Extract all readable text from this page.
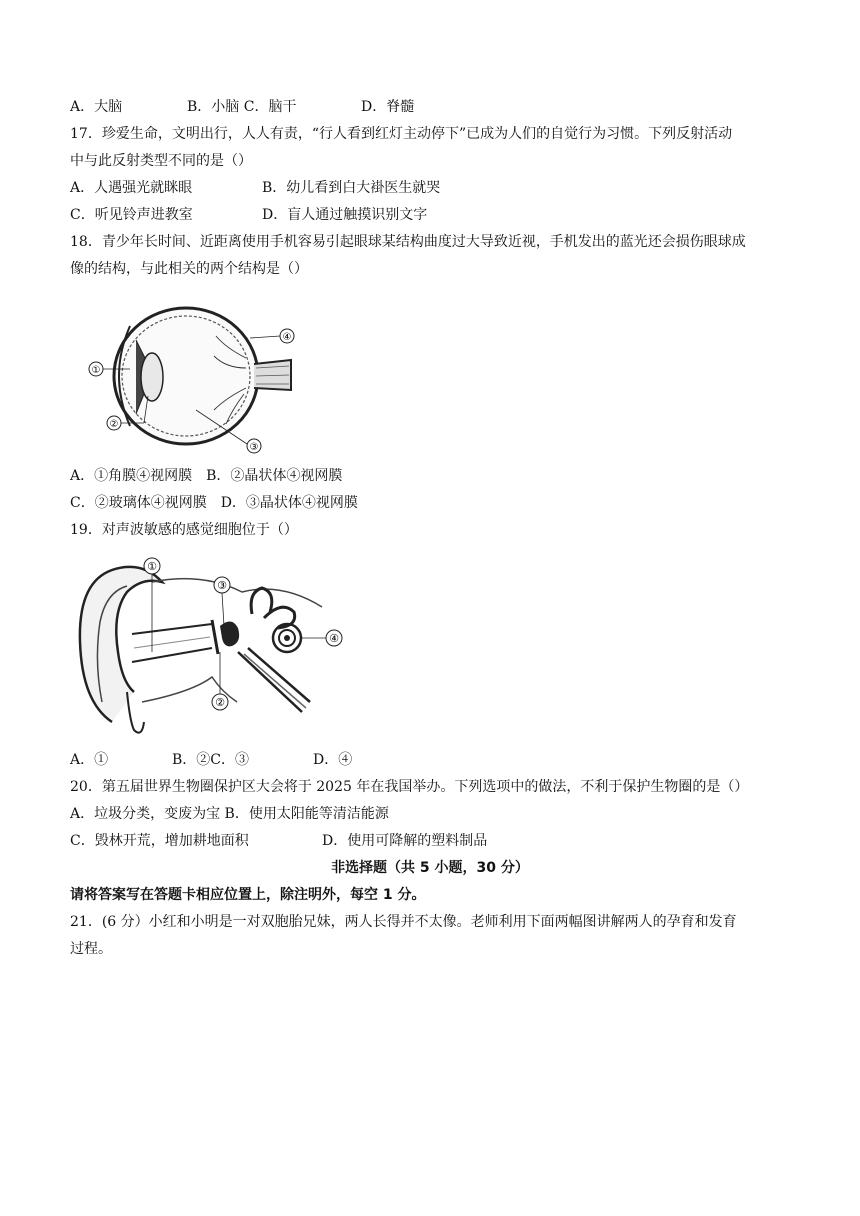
A．大脑	B．小脑 C．脑干	D．脊髓
17．珍爱生命，文明出行，人人有责，“行人看到红灯主动停下”已成为人们的自觉行为习惯。下列反射活动
中与此反射类型不同的是（）
A．人遇强光就眯眼	B．幼儿看到白大褂医生就哭
C．听见铃声进教室	D．盲人通过触摸识别文字
18．青少年长时间、近距离使用手机容易引起眼球某结构曲度过大导致近视，手机发出的蓝光还会损伤眼球成
像的结构，与此相关的两个结构是（）
①
②
③
④
A．①角膜④视网膜　B．②晶状体④视网膜
C．②玻璃体④视网膜　D．③晶状体④视网膜
19．对声波敏感的感觉细胞位于（）
①
②
③
④
A．①	B．②C．③	D．④
20．第五届世界生物圈保护区大会将于 2025 年在我国举办。下列选项中的做法，不利于保护生物圈的是（）
A．垃圾分类，变废为宝 B．使用太阳能等清洁能源
C．毁林开荒，增加耕地面积	D．使用可降解的塑料制品
非选择题（共 5 小题，30 分）
请将答案写在答题卡相应位置上，除注明外，每空 1 分。
21．(6 分）小红和小明是一对双胞胎兄妹，两人长得并不太像。老师利用下面两幅图讲解两人的孕育和发育
过程。
